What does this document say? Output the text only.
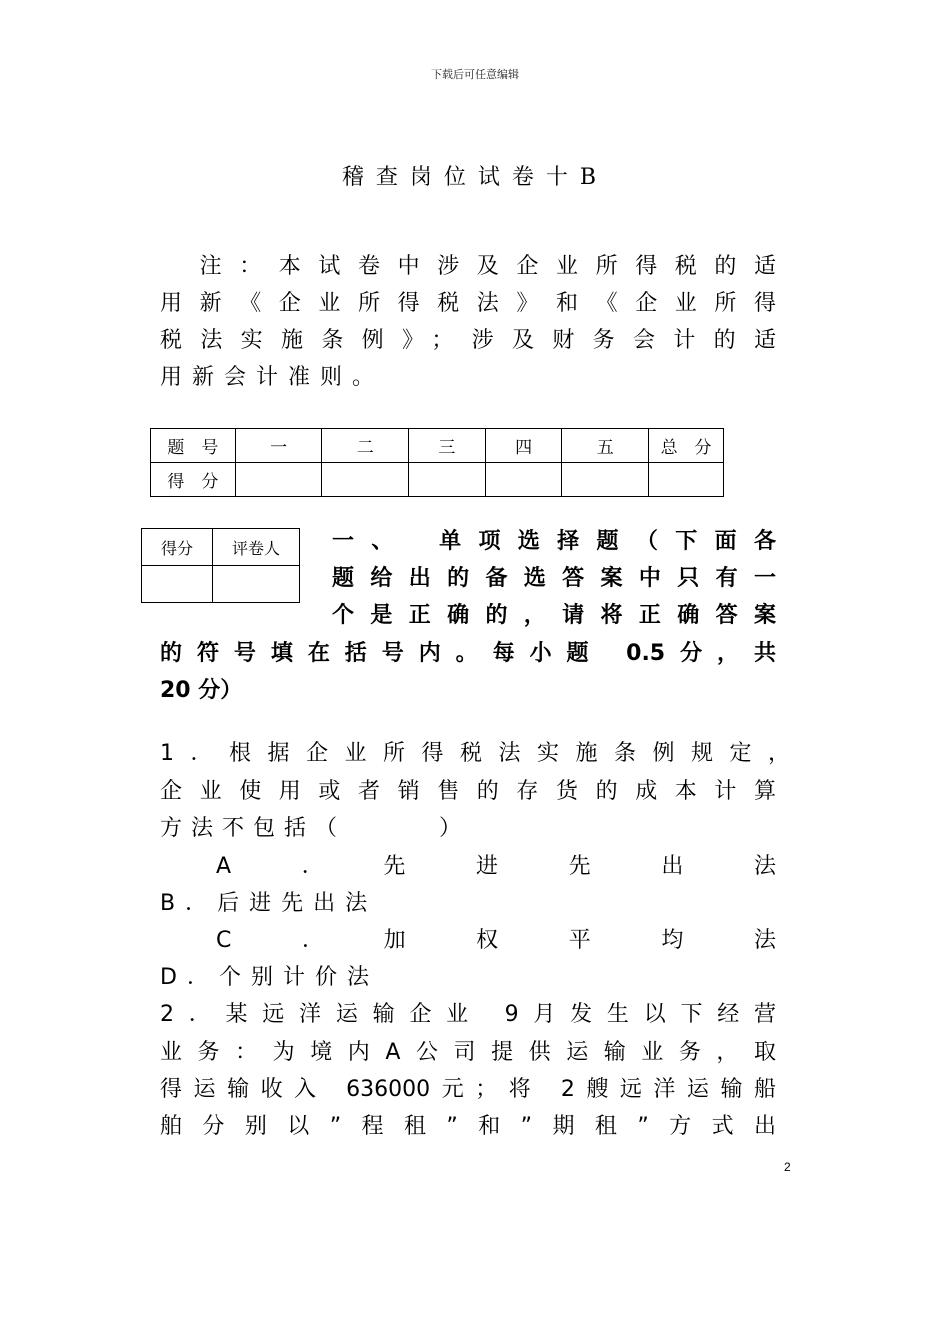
下载后可任意编辑
稽查岗位试卷十B
　注：本试卷中涉及企业所得税的适
用新《企业所得税法》和《企业所得
税法实施条例》；涉及财务会计的适
用新会计准则。
题　号	一	二	三	四	五	总　分
得　分						
得分	评卷人
	一、　单项选择题（下面各
题给出的备选答案中只有一
个是正确的，请将正确答案
的符号填在括号内。每小题 0.5分，共
20 分）
1．根据企业所得税法实施条例规定，
企业使用或者销售的存货的成本计算
方法不包括（　　　）
A　．　先　进　先　出　法
B．后进先出法
C　．　加　权　平　均　法
D．个别计价法
2．某远洋运输企业 9月发生以下经营
业务：为境内A公司提供运输业务，取
得运输收入 636000元；将 2艘远洋运输船
舶分别以”程租”和”期租”方式出
2
